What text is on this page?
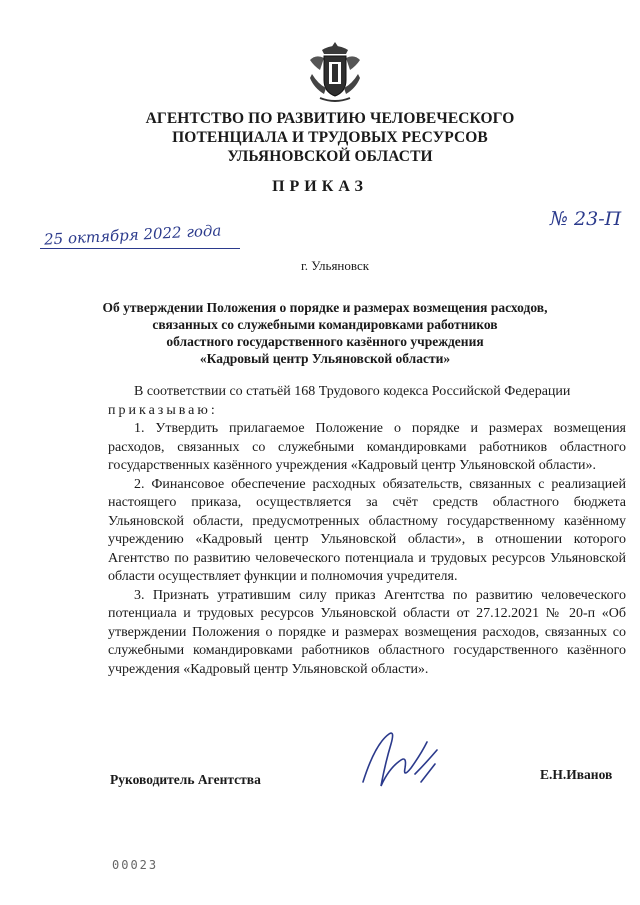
АГЕНТСТВО ПО РАЗВИТИЮ ЧЕЛОВЕЧЕСКОГО
ПОТЕНЦИАЛА И ТРУДОВЫХ РЕСУРСОВ
УЛЬЯНОВСКОЙ ОБЛАСТИ
ПРИКАЗ
25 октября 2022 года
№ 23-П
г. Ульяновск
Об утверждении Положения о порядке и размерах возмещения расходов,
связанных со служебными командировками работников
областного государственного казённого учреждения
«Кадровый центр Ульяновской области»

В соответствии со статьёй 168 Трудового кодекса Российской Федерации

приказываю:

1. Утвердить прилагаемое Положение о порядке и размерах возмещения расходов, связанных со служебными командировками работников областного государственных казённого учреждения «Кадровый центр Ульяновской области».

2. Финансовое обеспечение расходных обязательств, связанных с реализацией настоящего приказа, осуществляется за счёт средств областного бюджета Ульяновской области, предусмотренных областному государственному казённому учреждению «Кадровый центр Ульяновской области», в отношении которого Агентство по развитию человеческого потенциала и трудовых ресурсов Ульяновской области осуществляет функции и полномочия учредителя.

3. Признать утратившим силу приказ Агентства по развитию человеческого потенциала и трудовых ресурсов Ульяновской области от 27.12.2021 № 20-п «Об утверждении Положения о порядке и размерах возмещения расходов, связанных со служебными командировками работников областного государственного казённого учреждения «Кадровый центр Ульяновской области».

Руководитель Агентства	Е.Н.Иванов
00023
